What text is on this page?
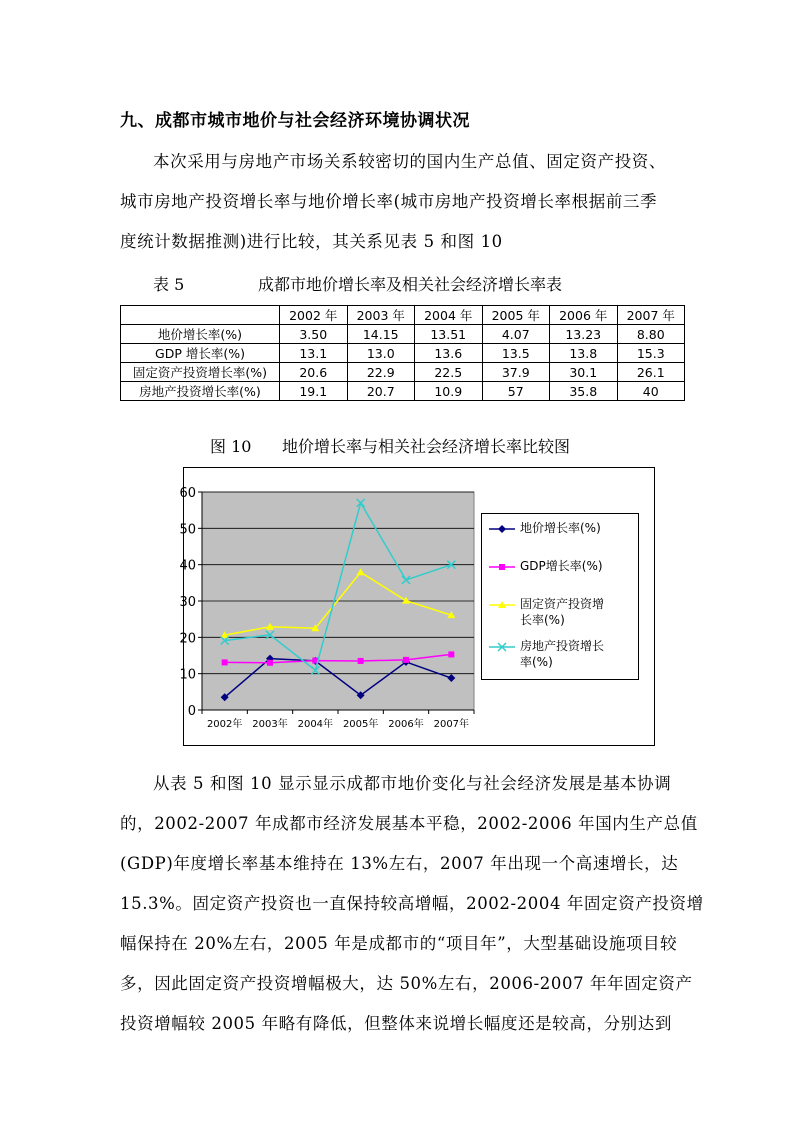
九、成都市城市地价与社会经济环境协调状况
本次采用与房地产市场关系较密切的国内生产总值、固定资产投资、
城市房地产投资增长率与地价增长率(城市房地产投资增长率根据前三季
度统计数据推测)进行比较，其关系见表 5 和图 10
表 5	成都市地价增长率及相关社会经济增长率表
	2002 年	2003 年	2004 年	2005 年	2006 年	2007 年
地价增长率(%)	3.50	14.15	13.51	4.07	13.23	8.80
GDP 增长率(%)	13.1	13.0	13.6	13.5	13.8	15.3
固定资产投资增长率(%)	20.6	22.9	22.5	37.9	30.1	26.1
房地产投资增长率(%)	19.1	20.7	10.9	57	35.8	40
图 10 地价增长率与相关社会经济增长率比较图
0
10
20
30
40
50
60
2002年 2003年 2004年 2005年 2006年 2007年
地价增长率(%)
GDP增长率(%)
固定资产投资增
长率(%)
房地产投资增长
率(%)
从表 5 和图 10 显示显示成都市地价变化与社会经济发展是基本协调
的，2002-2007 年成都市经济发展基本平稳，2002-2006 年国内生产总值
(GDP)年度增长率基本维持在 13%左右，2007 年出现一个高速增长，达
15.3%。固定资产投资也一直保持较高增幅，2002-2004 年固定资产投资增
幅保持在 20%左右，2005 年是成都市的“项目年”，大型基础设施项目较
多，因此固定资产投资增幅极大，达 50%左右，2006-2007 年年固定资产
投资增幅较 2005 年略有降低，但整体来说增长幅度还是较高，分别达到
